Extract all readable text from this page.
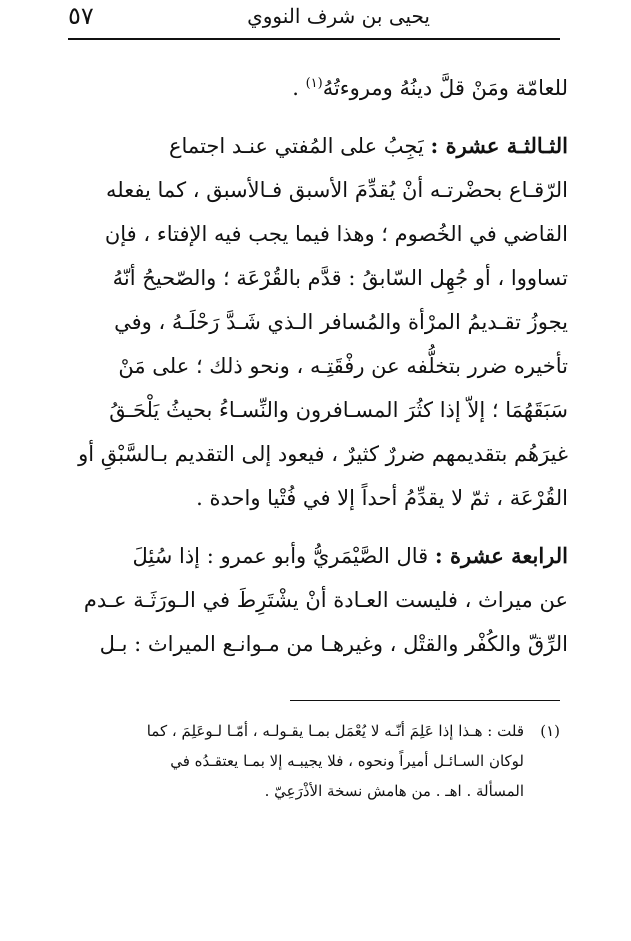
٥٧	يحيى بن شرف النووي
للعامّة ومَنْ قلَّ دينُهُ ومروءتُهُ$^{(١)}$ .
الثـالثـة عشرة : يَجِبُ على المُفتي عنـد اجتماع
الرّقـاع بحضْرتـه أنْ يُقدِّمَ الأسبق فـالأسبق ، كما يفعله
القاضي في الخُصوم ؛ وهذا فيما يجب فيه الإفتاء ، فإن
تساووا ، أو جُهِل السّابقُ : قدَّم بالقُرْعَة ؛ والصّحيحُ أنّهُ
يجوزُ تقـديمُ المرْأة والمُسافر الـذي شَـدَّ رَحْلَـهُ ، وفي
تأخيره ضرر بتخلُّفه عن رفْقَتِـه ، ونحو ذلك ؛ على مَنْ
سَبَقَهُمَا ؛ إلاّ إذا كثُرَ المسـافرون والنِّسـاءُ بحيثُ يَلْحَـقُ
غيرَهُم بتقديمهم ضررٌ كثيرٌ ، فيعود إلى التقديم بـالسَّبْقِ أو
القُرْعَة ، ثمّ لا يقدِّمُ أحداً إلا في فُتْيا واحدة .
الرابعة عشرة : قال الصَّيْمَريُّ وأبو عمرو : إذا سُئِلَ
عن ميراث ، فليست العـادة أنْ يشْتَرِطَ في الـورَثَـة عـدم
الرِّقّ والكُفْر والقتْل ، وغيرهـا من مـوانـع الميراث : بـل
(١)قلت : هـذا إذا عَلِمَ أنّـه لا يُعْمَل بمـا يقـولـه ، أمّـا لـوعَلِمَ ، كما
لوكان السـائـل أميراً ونحوه ، فلا يجيبـه إلا بمـا يعتقـدُه في
المسألة . اهـ . من هامش نسخة الأذْرَعِيّ .
